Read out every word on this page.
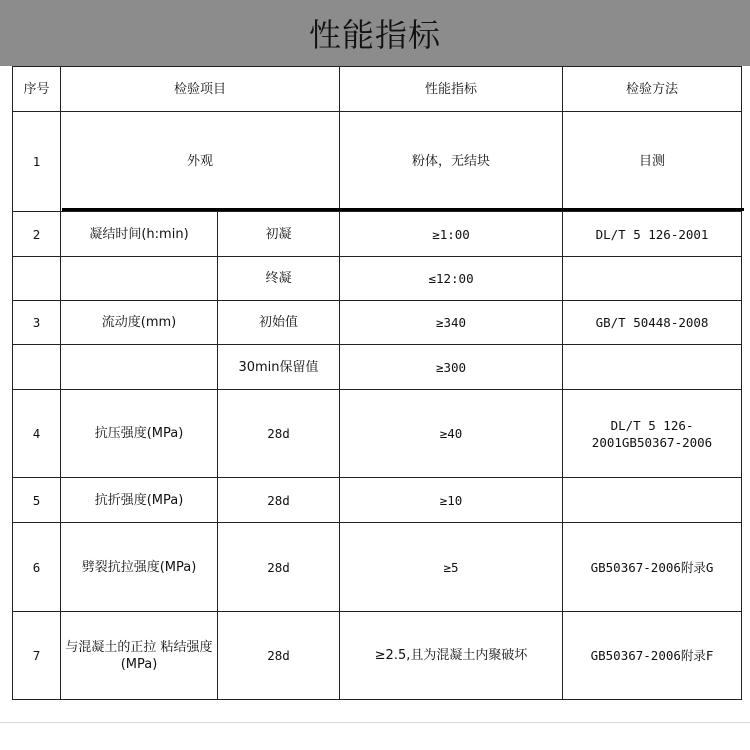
性能指标
序号	检验项目		性能指标	检验方法
1	外观		粉体，无结块	目测
2	凝结时间(h:min)	初凝	≥1:00	DL/T 5 126-2001
		终凝	≤12:00	
3	流动度(mm)	初始值	≥340	GB/T 50448-2008
		30min保留值	≥300	
4	抗压强度(MPa)	28d	≥40	DL/T 5 126-2001GB50367-2006
5	抗折强度(MPa)	28d	≥10	
6	劈裂抗拉强度(MPa)	28d	≥5	GB50367-2006附录G
7	与混凝土的正拉 粘结强度(MPa)	28d	≥2.5,且为混凝土内聚破坏	GB50367-2006附录F
